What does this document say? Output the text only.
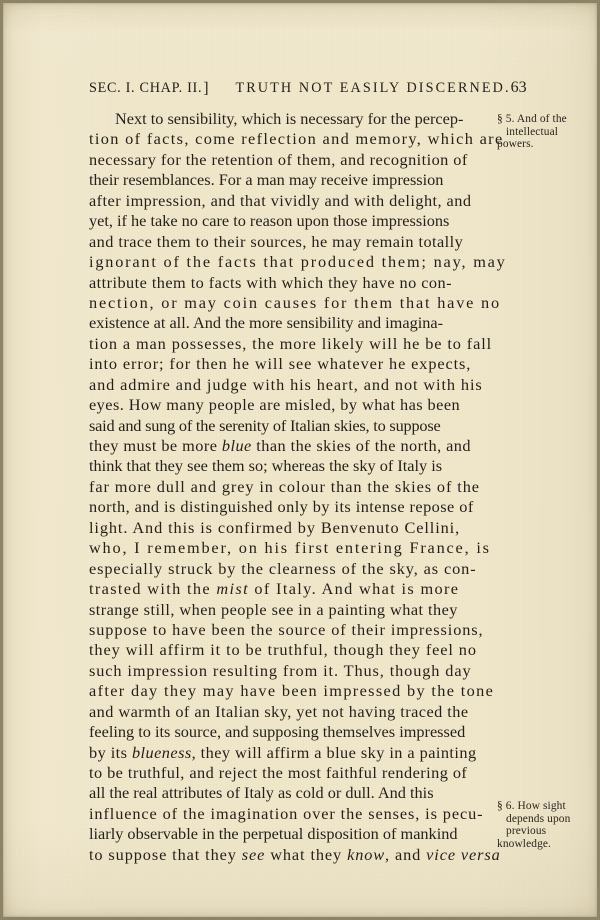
SEC. I. CHAP. II. ] TRUTH NOT EASILY DISCERNED. 63
Next to sensibility, which is necessary for the percep-
tion of facts, come reflection and memory, which are
necessary for the retention of them, and recognition of
their resemblances. For a man may receive impression
after impression, and that vividly and with delight, and
yet, if he take no care to reason upon those impressions
and trace them to their sources, he may remain totally
ignorant of the facts that produced them; nay, may
attribute them to facts with which they have no con-
nection, or may coin causes for them that have no
existence at all. And the more sensibility and imagina-
tion a man possesses, the more likely will he be to fall
into error; for then he will see whatever he expects,
and admire and judge with his heart, and not with his
eyes. How many people are misled, by what has been
said and sung of the serenity of Italian skies, to suppose
they must be more blue than the skies of the north, and
think that they see them so; whereas the sky of Italy is
far more dull and grey in colour than the skies of the
north, and is distinguished only by its intense repose of
light. And this is confirmed by Benvenuto Cellini,
who, I remember, on his first entering France, is
especially struck by the clearness of the sky, as con-
trasted with the mist of Italy. And what is more
strange still, when people see in a painting what they
suppose to have been the source of their impressions,
they will affirm it to be truthful, though they feel no
such impression resulting from it. Thus, though day
after day they may have been impressed by the tone
and warmth of an Italian sky, yet not having traced the
feeling to its source, and supposing themselves impressed
by its blueness, they will affirm a blue sky in a painting
to be truthful, and reject the most faithful rendering of
all the real attributes of Italy as cold or dull. And this
influence of the imagination over the senses, is pecu-
liarly observable in the perpetual disposition of mankind
to suppose that they see what they know, and vice versa
§ 5. And of the
intellectual
powers.
§ 6. How sight
depends upon
previous
knowledge.
